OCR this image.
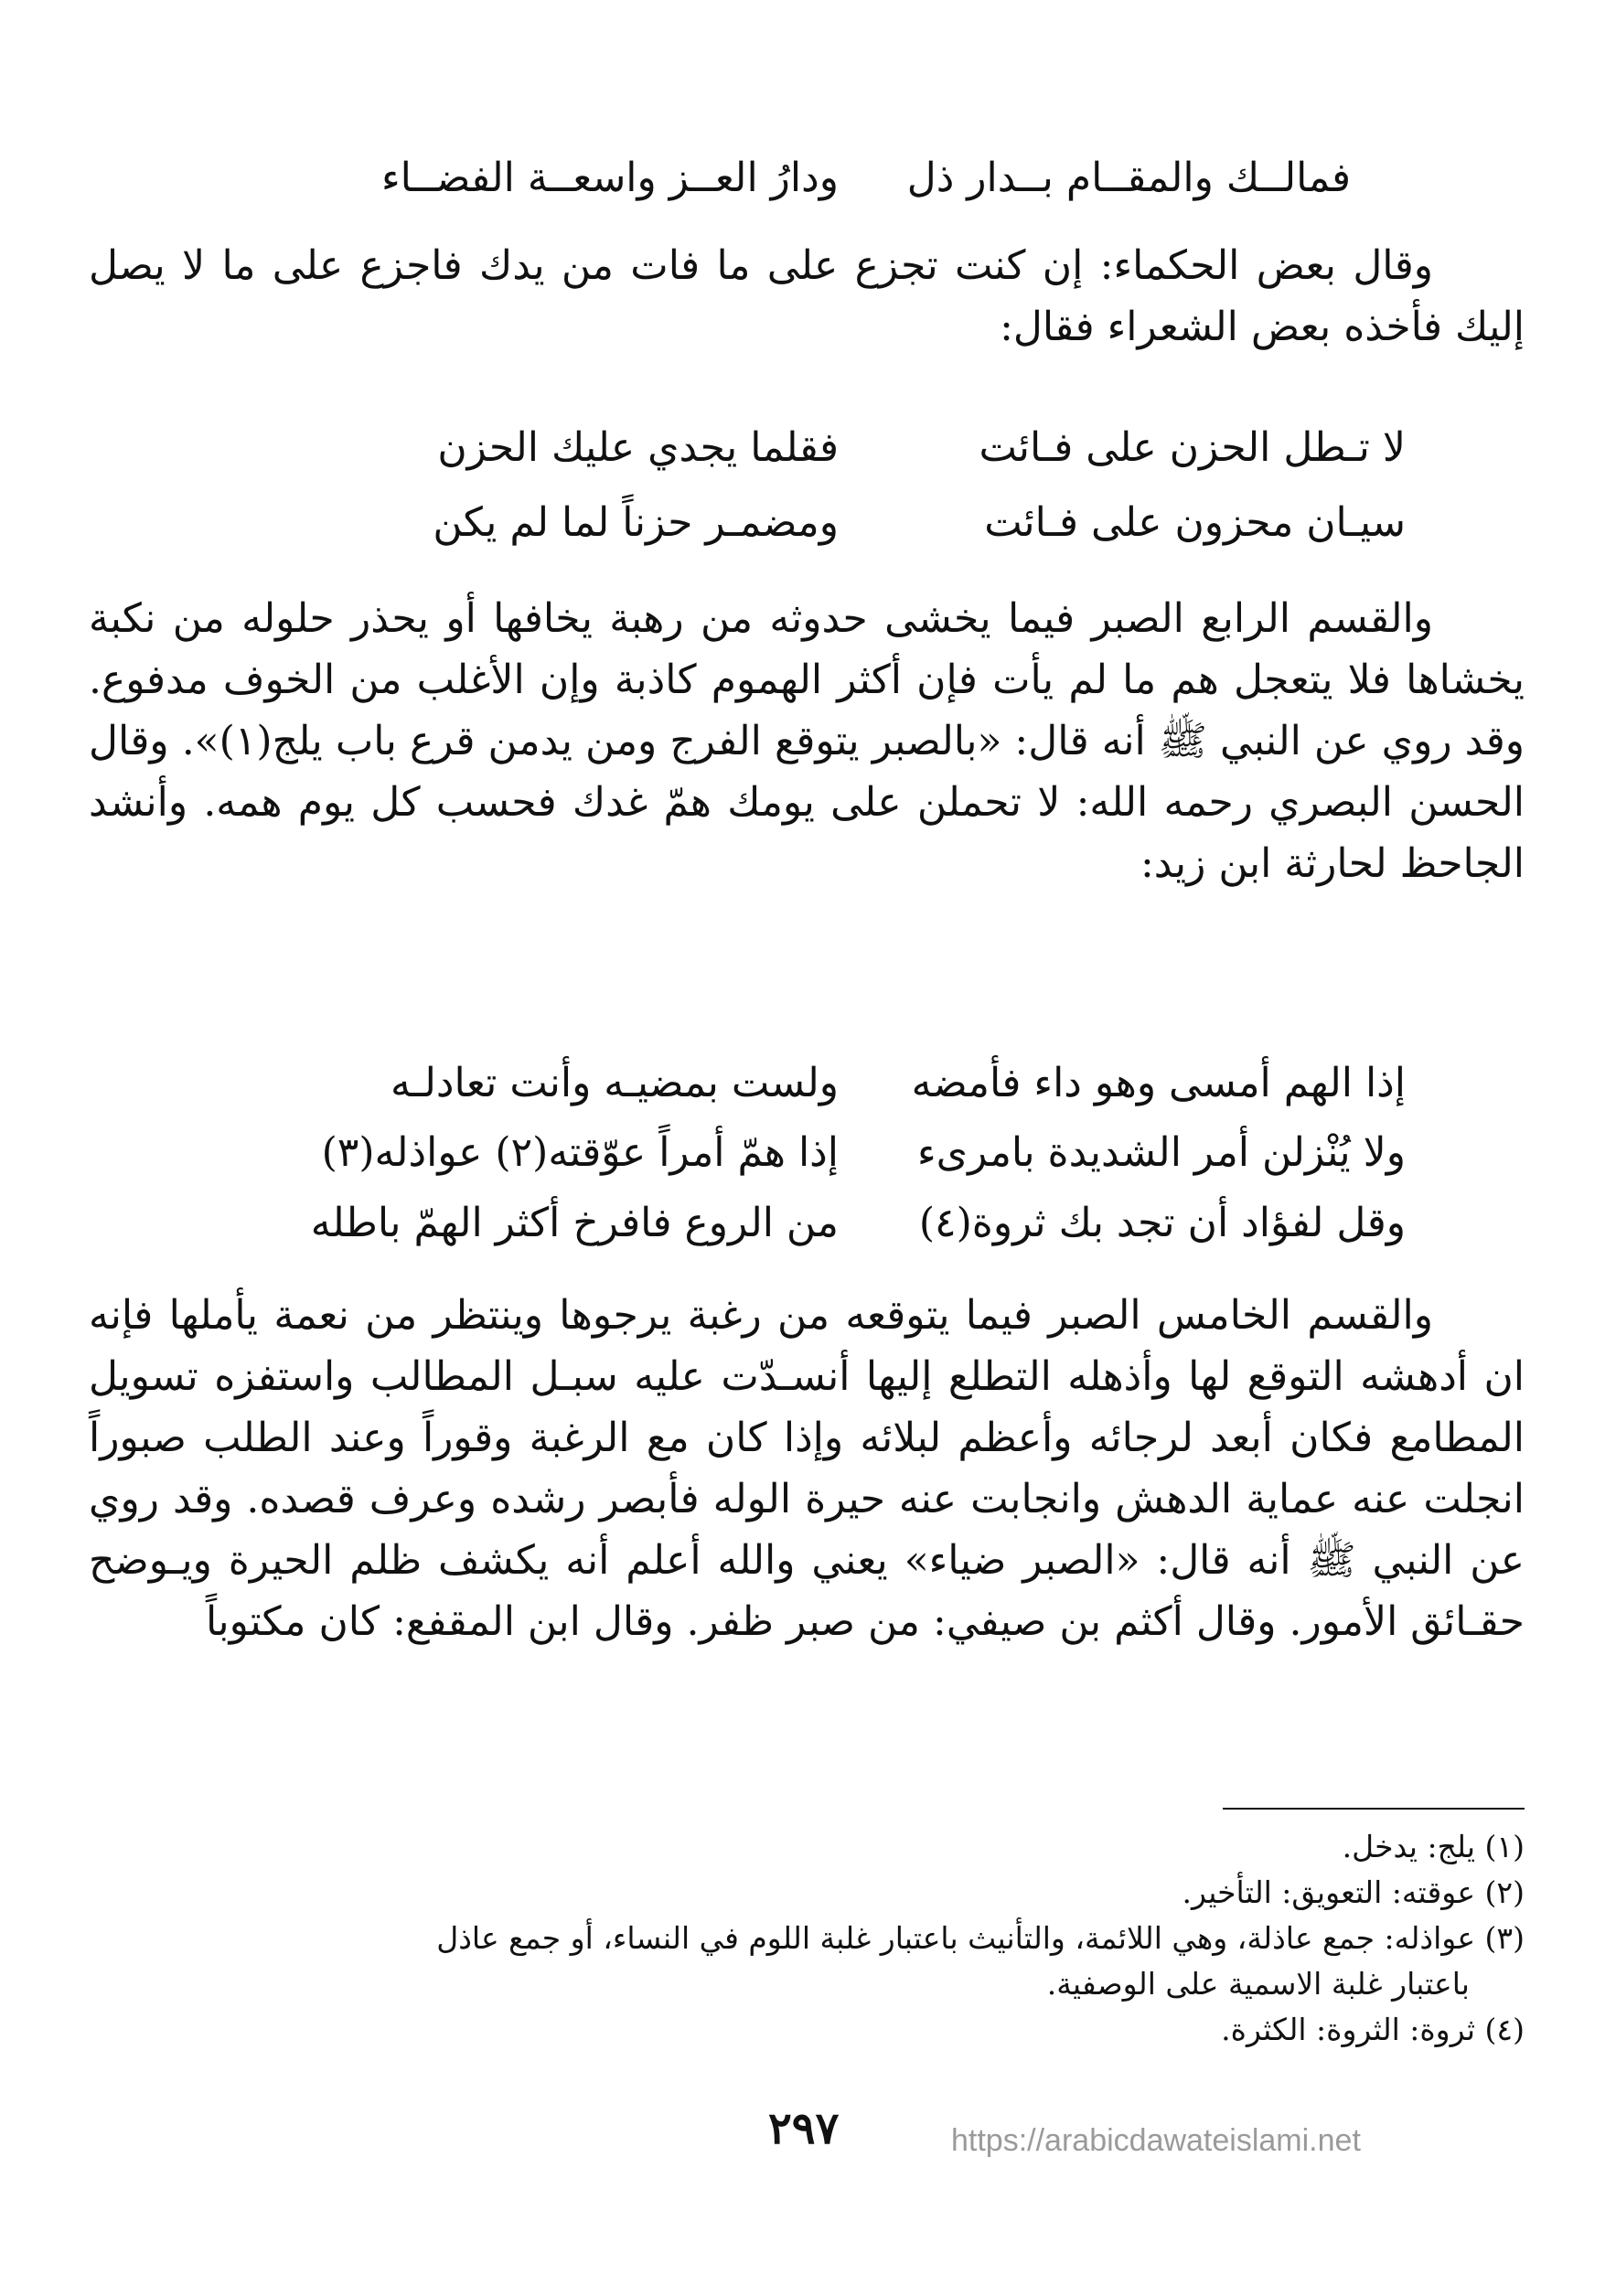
فمالــك والمقــام بــدار ذل
ودارُ العــز واسعــة الفضــاء

وقال بعض الحكماء: إن كنت تجزع على ما فات من يدك فاجزع على ما لا يصل إليك فأخذه بعض الشعراء فقال:

لا تـطل الحزن على فـائت
فقلما يجدي عليك الحزن
سيـان محزون على فـائت
ومضمـر حزناً لما لم يكن

والقسم الرابع الصبر فيما يخشى حدوثه من رهبة يخافها أو يحذر حلوله من نكبة يخشاها فلا يتعجل هم ما لم يأت فإن أكثر الهموم كاذبة وإن الأغلب من الخوف مدفوع. وقد روي عن النبي ﷺ أنه قال: «بالصبر يتوقع الفرج ومن يدمن قرع باب يلج(١)». وقال الحسن البصري رحمه الله: لا تحملن على يومك همّ غدك فحسب كل يوم همه. وأنشد الجاحظ لحارثة ابن زيد:

إذا الهم أمسى وهو داء فأمضه
ولست بمضيـه وأنت تعادلـه
ولا يُنْزلن أمر الشديدة بامرىء
إذا همّ أمراً عوّقته(٢) عواذله(٣)
وقل لفؤاد أن تجد بك ثروة(٤)
من الروع فافرخ أكثر الهمّ باطله

والقسم الخامس الصبر فيما يتوقعه من رغبة يرجوها وينتظر من نعمة يأملها فإنه ان أدهشه التوقع لها وأذهله التطلع إليها أنسـدّت عليه سبـل المطالب واستفزه تسويل المطامع فكان أبعد لرجائه وأعظم لبلائه وإذا كان مع الرغبة وقوراً وعند الطلب صبوراً انجلت عنه عماية الدهش وانجابت عنه حيرة الوله فأبصر رشده وعرف قصده. وقد روي عن النبي ﷺ أنه قال: «الصبر ضياء» يعني والله أعلم أنه يكشف ظلم الحيرة ويـوضح حقـائق الأمور. وقال أكثم بن صيفي: من صبر ظفر. وقال ابن المقفع: كان مكتوباً

(١) يلج: يدخل.

(٢) عوقته: التعويق: التأخير.

(٣) عواذله: جمع عاذلة، وهي اللائمة، والتأنيث باعتبار غلبة اللوم في النساء، أو جمع عاذل

باعتبار غلبة الاسمية على الوصفية.

(٤) ثروة: الثروة: الكثرة.

٢٩٧	https://arabicdawateislami.net
